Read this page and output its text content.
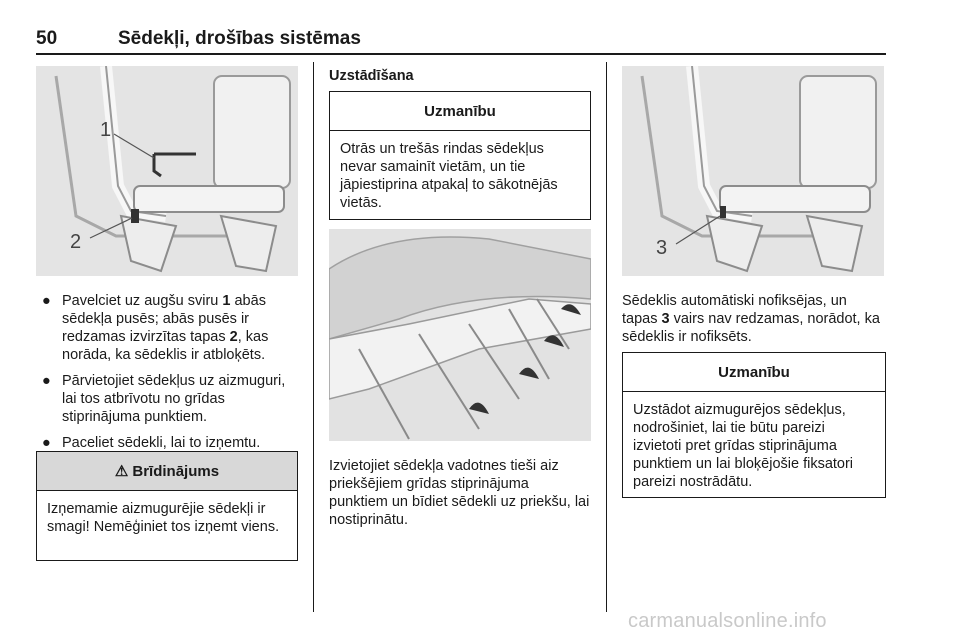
50	Sēdekļi, drošības sistēmas
1
2
● Pavelciet uz augšu sviru 1 abās sēdekļa pusēs; abās pusēs ir redzamas izvirzītas tapas 2, kas norāda, ka sēdeklis ir atbloķēts.
● Pārvietojiet sēdekļus uz aizmuguri, lai tos atbrīvotu no grīdas stiprinājuma punktiem.
● Paceliet sēdekli, lai to izņemtu.
⚠ Brīdinājums
Izņemamie aizmugurējie sēdekļi ir smagi! Nemēģiniet tos izņemt viens.
Uzstādīšana
Uzmanību
Otrās un trešās rindas sēdekļus nevar samainīt vietām, un tie jāpiestiprina atpakaļ to sākotnējās vietās.
Izvietojiet sēdekļa vadotnes tieši aiz priekšējiem grīdas stiprinājuma punktiem un bīdiet sēdekli uz priekšu, lai nostiprinātu.
3
Sēdeklis automātiski nofiksējas, un tapas 3 vairs nav redzamas, norādot, ka sēdeklis ir nofiksēts.
Uzmanību
Uzstādot aizmugurējos sēdekļus, nodrošiniet, lai tie būtu pareizi izvietoti pret grīdas stiprinājuma punktiem un lai bloķējošie fiksatori pareizi nostrādātu.
carmanualsonline.info
